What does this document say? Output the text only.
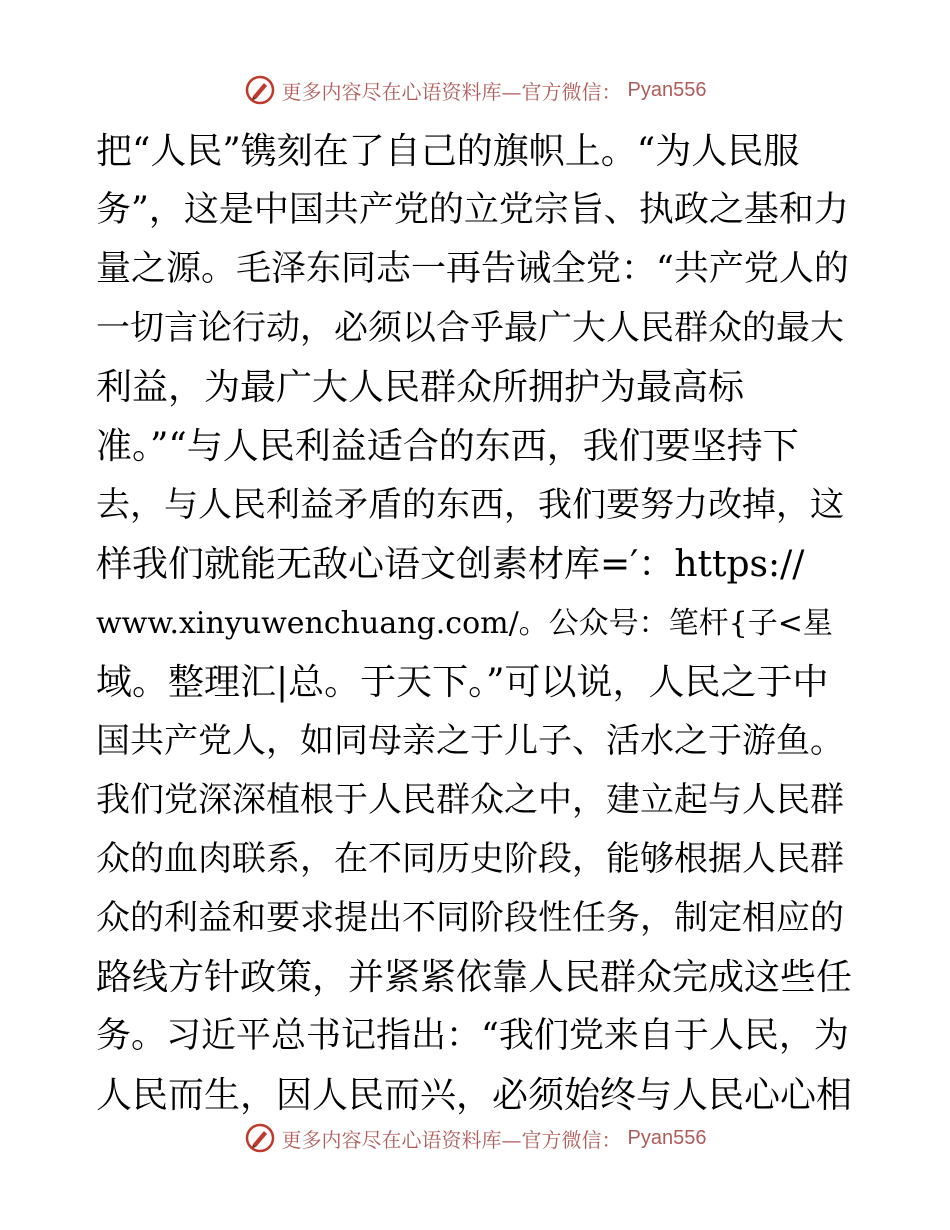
更多内容尽在心语资料库—官方微信： Pyan556
把“人民”镌刻在了自己的旗帜上。“为人民服
务”，这是中国共产党的立党宗旨、执政之基和力
量之源。毛泽东同志一再告诫全党：“共产党人的
一切言论行动，必须以合乎最广大人民群众的最大
利益，为最广大人民群众所拥护为最高标
准。”“与人民利益适合的东西，我们要坚持下
去，与人民利益矛盾的东西，我们要努力改掉，这
样我们就能无敌心语文创素材库=′：https://
www.xinyuwenchuang.com/。公众号：笔杆{子<星
域。整理汇|总。于天下。”可以说，人民之于中
国共产党人，如同母亲之于儿子、活水之于游鱼。
我们党深深植根于人民群众之中，建立起与人民群
众的血肉联系，在不同历史阶段，能够根据人民群
众的利益和要求提出不同阶段性任务，制定相应的
路线方针政策，并紧紧依靠人民群众完成这些任
务。习近平总书记指出：“我们党来自于人民，为
人民而生，因人民而兴，必须始终与人民心心相
更多内容尽在心语资料库—官方微信： Pyan556
